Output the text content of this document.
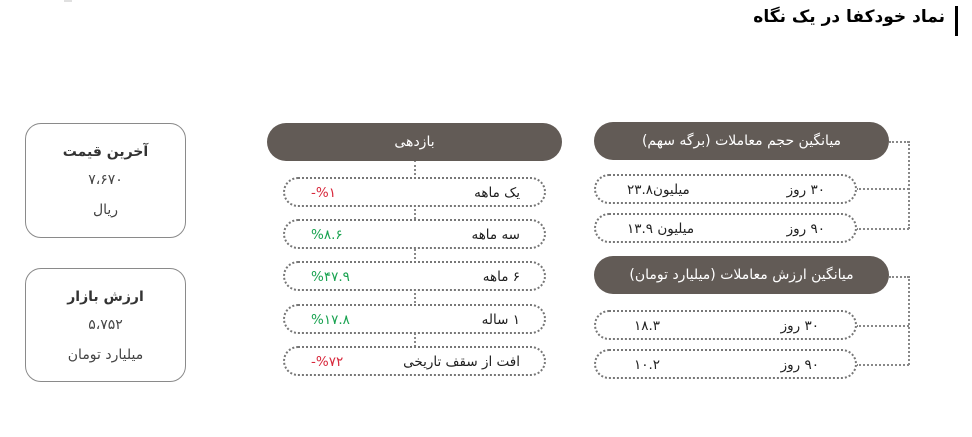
نماد خودکفا در یک نگاه
آخرین قیمت
۷،۶۷۰
ریال
ارزش بازار
۵،۷۵۲
میلیارد تومان
بازدهی
یک ماهه
-%۱
سه ماهه
%۸.۶
۶ ماهه
%۴۷.۹
۱ ساله
%۱۷.۸
افت از سقف تاریخی
-%۷۲
میانگین حجم معاملات (برگه سهم)
۳۰ روز
۲۳.۸میلیون
۹۰ روز
۱۳.۹ میلیون
میانگین ارزش معاملات (میلیارد تومان)
۳۰ روز
۱۸.۳
۹۰ روز
۱۰.۲
